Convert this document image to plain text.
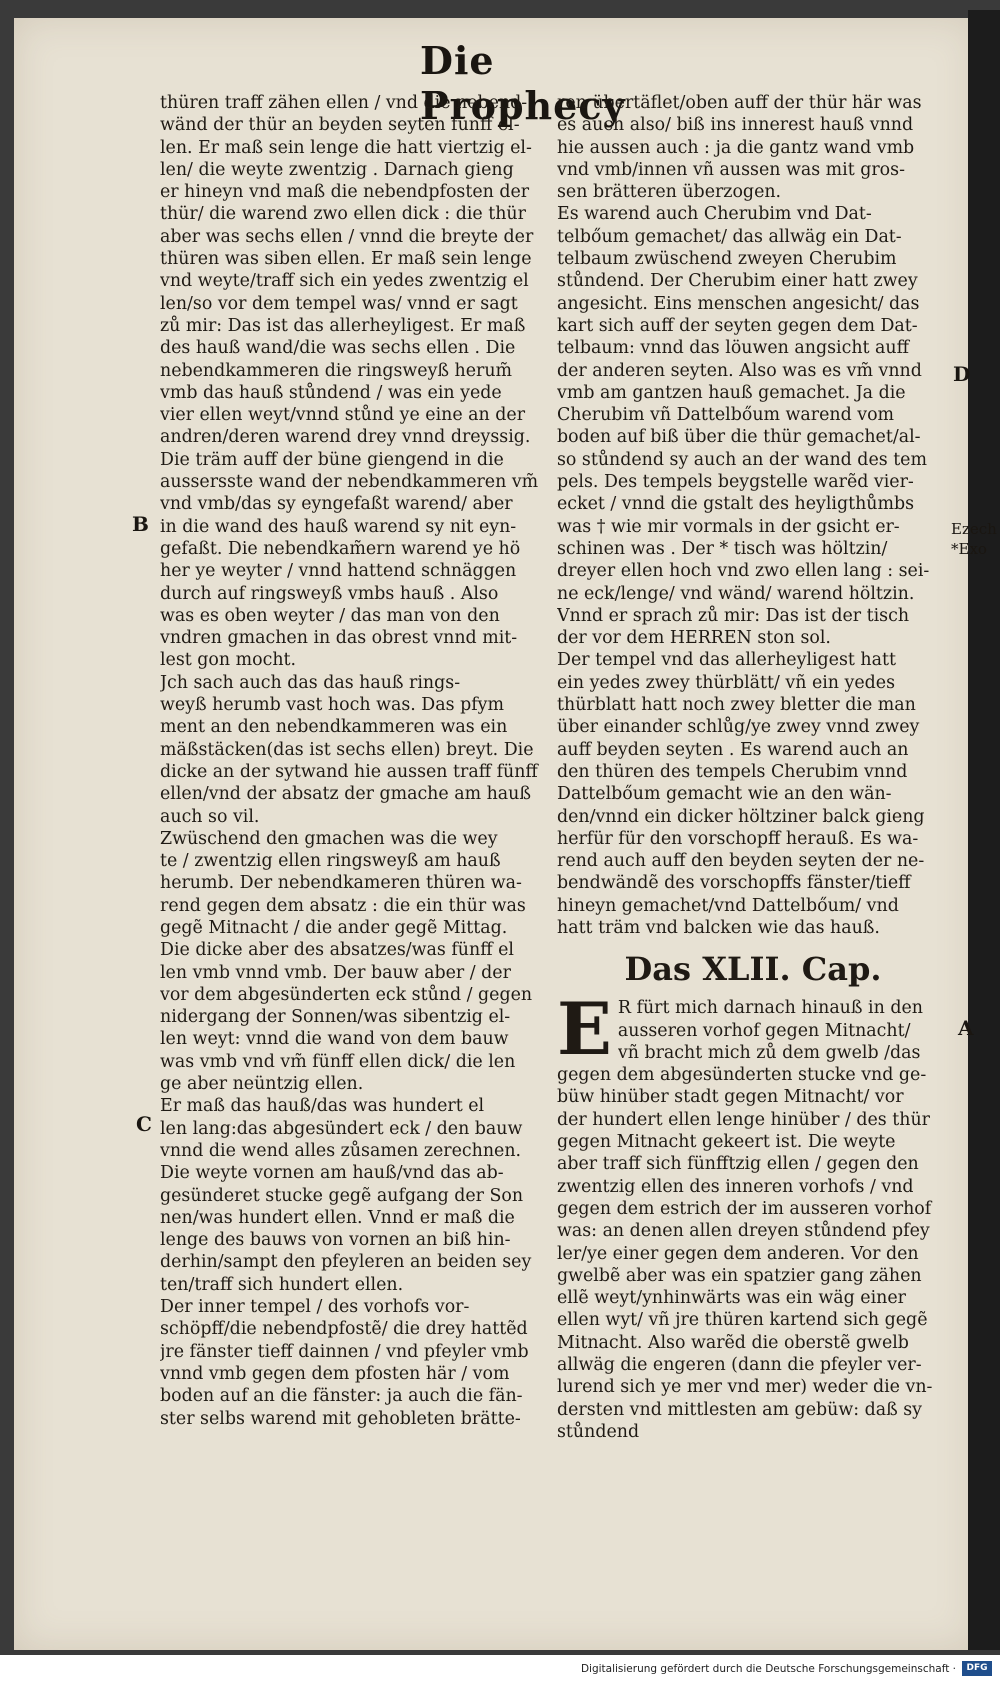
Die Prophecy
B
C
D
A
Ezech
*Exo
thüren traff zähen ellen / vnd die nebend-
wänd der thür an beyden seyten fünff el-
len. Er maß sein lenge die hatt viertzig el-
len/ die weyte zwentzig . Darnach gieng
er hineyn vnd maß die nebendpfosten der
thür/ die warend zwo ellen dick : die thür
aber was sechs ellen / vnnd die breyte der
thüren was siben ellen. Er maß sein lenge
vnd weyte/traff sich ein yedes zwentzig el
len/so vor dem tempel was/ vnnd er sagt
zů mir: Das ist das allerheyligest. Er maß
des hauß wand/die was sechs ellen . Die
nebendkammeren die ringsweyß herum̃
vmb das hauß stůndend / was ein yede
vier ellen weyt/vnnd stůnd ye eine an der
andren/deren warend drey vnnd dreyssig.
Die träm auff der büne giengend in die
aussersste wand der nebendkammeren vm̃
vnd vmb/das sy eyngefaßt warend/ aber
in die wand des hauß warend sy nit eyn-
gefaßt. Die nebendkam̃ern warend ye hö
her ye weyter / vnnd hattend schnäggen
durch auf ringsweyß vmbs hauß . Also
was es oben weyter / das man von den
vndren gmachen in das obrest vnnd mit-
lest gon mocht.
Jch sach auch das das hauß rings-
weyß herumb vast hoch was. Das pfym
ment an den nebendkammeren was ein
mäßstäcken(das ist sechs ellen) breyt. Die
dicke an der sytwand hie aussen traff fünff
ellen/vnd der absatz der gmache am hauß
auch so vil.
Zwüschend den gmachen was die wey
te / zwentzig ellen ringsweyß am hauß
herumb. Der nebendkameren thüren wa-
rend gegen dem absatz : die ein thür was
gegẽ Mitnacht / die ander gegẽ Mittag.
Die dicke aber des absatzes/was fünff el
len vmb vnnd vmb. Der bauw aber / der
vor dem abgesünderten eck stůnd / gegen
nidergang der Sonnen/was sibentzig el-
len weyt: vnnd die wand von dem bauw
was vmb vnd vm̃ fünff ellen dick/ die len
ge aber neüntzig ellen.
Er maß das hauß/das was hundert el
len lang:das abgesündert eck / den bauw
vnnd die wend alles zůsamen zerechnen.
Die weyte vornen am hauß/vnd das ab-
gesünderet stucke gegẽ aufgang der Son
nen/was hundert ellen. Vnnd er maß die
lenge des bauws von vornen an biß hin-
derhin/sampt den pfeyleren an beiden sey
ten/traff sich hundert ellen.
Der inner tempel / des vorhofs vor-
schöpff/die nebendpfostẽ/ die drey hattẽd
jre fänster tieff dainnen / vnd pfeyler vmb
vnnd vmb gegen dem pfosten här / vom
boden auf an die fänster: ja auch die fän-
ster selbs warend mit gehobleten brätte-
ren übertäflet/oben auff der thür här was
es auch also/ biß ins innerest hauß vnnd
hie aussen auch : ja die gantz wand vmb
vnd vmb/innen vñ aussen was mit gros-
sen brätteren überzogen.
Es warend auch Cherubim vnd Dat-
telbőum gemachet/ das allwäg ein Dat-
telbaum zwüschend zweyen Cherubim
stůndend. Der Cherubim einer hatt zwey
angesicht. Eins menschen angesicht/ das
kart sich auff der seyten gegen dem Dat-
telbaum: vnnd das löuwen angsicht auff
der anderen seyten. Also was es vm̃ vnnd
vmb am gantzen hauß gemachet. Ja die
Cherubim vñ Dattelbőum warend vom
boden auf biß über die thür gemachet/al-
so stůndend sy auch an der wand des tem
pels. Des tempels beygstelle warẽd vier-
ecket / vnnd die gstalt des heyligthůmbs
was † wie mir vormals in der gsicht er-
schinen was . Der * tisch was höltzin/
dreyer ellen hoch vnd zwo ellen lang : sei-
ne eck/lenge/ vnd wänd/ warend höltzin.
Vnnd er sprach zů mir: Das ist der tisch
der vor dem HERREN ston sol.
Der tempel vnd das allerheyligest hatt
ein yedes zwey thürblätt/ vñ ein yedes
thürblatt hatt noch zwey bletter die man
über einander schlůg/ye zwey vnnd zwey
auff beyden seyten . Es warend auch an
den thüren des tempels Cherubim vnnd
Dattelbőum gemacht wie an den wän-
den/vnnd ein dicker höltziner balck gieng
herfür für den vorschopff herauß. Es wa-
rend auch auff den beyden seyten der ne-
bendwändẽ des vorschopffs fänster/tieff
hineyn gemachet/vnd Dattelbőum/ vnd
hatt träm vnd balcken wie das hauß.
Das XLII. Cap.
E R fürt mich darnach hinauß in den
ausseren vorhof gegen Mitnacht/
vñ bracht mich zů dem gwelb /das
gegen dem abgesünderten stucke vnd ge-
büw hinüber stadt gegen Mitnacht/ vor
der hundert ellen lenge hinüber / des thür
gegen Mitnacht gekeert ist. Die weyte
aber traff sich fünfftzig ellen / gegen den
zwentzig ellen des inneren vorhofs / vnd
gegen dem estrich der im ausseren vorhof
was: an denen allen dreyen stůndend pfey
ler/ye einer gegen dem anderen. Vor den
gwelbẽ aber was ein spatzier gang zähen
ellẽ weyt/ynhinwärts was ein wäg einer
ellen wyt/ vñ jre thüren kartend sich gegẽ
Mitnacht. Also warẽd die oberstẽ gwelb
allwäg die engeren (dann die pfeyler ver-
lurend sich ye mer vnd mer) weder die vn-
dersten vnd mittlesten am gebüw: daß sy
stůndend
Digitalisierung gefördert durch die Deutsche Forschungsgemeinschaft ·	DFG
